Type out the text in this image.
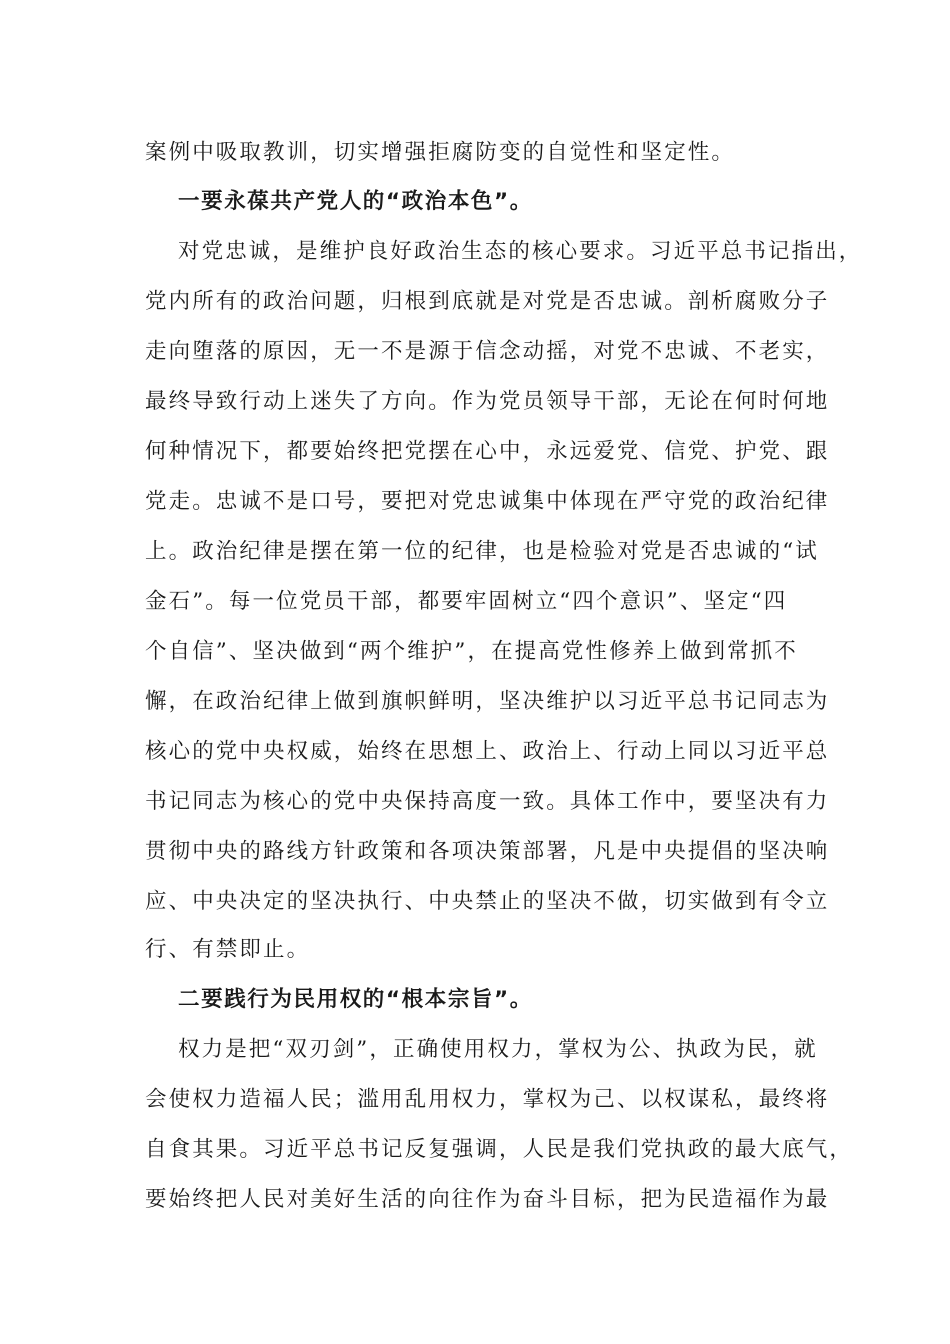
案例中吸取教训，切实增强拒腐防变的自觉性和坚定性。
一要永葆共产党人的“政治本色”。
对党忠诚，是维护良好政治生态的核心要求。习近平总书记指出，
党内所有的政治问题，归根到底就是对党是否忠诚。剖析腐败分子
走向堕落的原因，无一不是源于信念动摇，对党不忠诚、不老实，
最终导致行动上迷失了方向。作为党员领导干部，无论在何时何地
何种情况下，都要始终把党摆在心中，永远爱党、信党、护党、跟
党走。忠诚不是口号，要把对党忠诚集中体现在严守党的政治纪律
上。政治纪律是摆在第一位的纪律，也是检验对党是否忠诚的“试
金石”。每一位党员干部，都要牢固树立“四个意识”、坚定“四
个自信”、坚决做到“两个维护”，在提高党性修养上做到常抓不
懈，在政治纪律上做到旗帜鲜明，坚决维护以习近平总书记同志为
核心的党中央权威，始终在思想上、政治上、行动上同以习近平总
书记同志为核心的党中央保持高度一致。具体工作中，要坚决有力
贯彻中央的路线方针政策和各项决策部署，凡是中央提倡的坚决响
应、中央决定的坚决执行、中央禁止的坚决不做，切实做到有令立
行、有禁即止。
二要践行为民用权的“根本宗旨”。
权力是把“双刃剑”，正确使用权力，掌权为公、执政为民，就
会使权力造福人民；滥用乱用权力，掌权为己、以权谋私，最终将
自食其果。习近平总书记反复强调，人民是我们党执政的最大底气，
要始终把人民对美好生活的向往作为奋斗目标，把为民造福作为最
